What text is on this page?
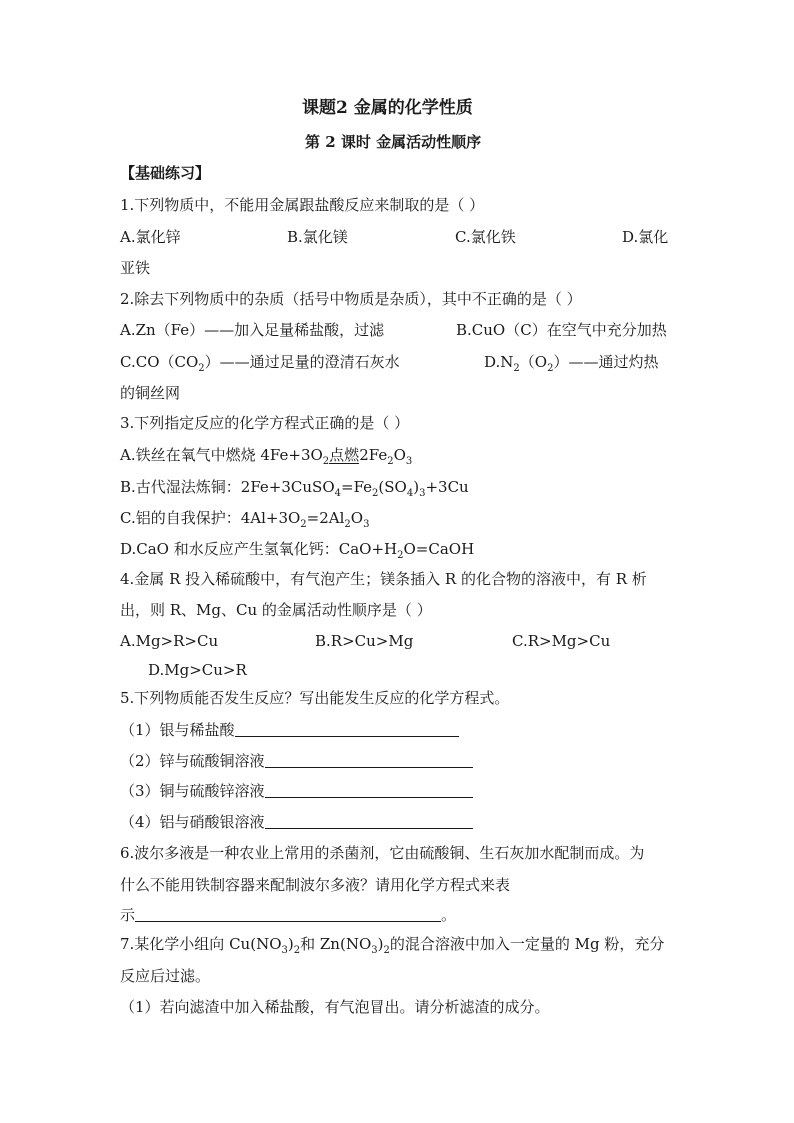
课题2 金属的化学性质
第 2 课时 金属活动性顺序
【基础练习】
1.下列物质中，不能用金属跟盐酸反应来制取的是（ ）
A.氯化锌	B.氯化镁	C.氯化铁	D.氯化
亚铁
2.除去下列物质中的杂质（括号中物质是杂质），其中不正确的是（ ）
A.Zn（Fe）——加入足量稀盐酸，过滤	B.CuO（C）在空气中充分加热
$C.CO(CO_2)——$通过足量的澄清石灰水	$D.N_2(O_2)——$通过灼热
的铜丝网
3.下列指定反应的化学方程式正确的是（ ）
A.铁丝在氧气中燃烧 $4Fe+3O_2$点燃$2Fe_2O_3$
B.古代湿法炼铜：$2Fe+3CuSO_4=Fe_2(SO_4)_3+3Cu$
C.铝的自我保护：$4Al+3O_2=2Al_2O_3$
D.CaO 和水反应产生氢氧化钙：$CaO+H_2O=CaOH$
4.金属 R 投入稀硫酸中，有气泡产生；镁条插入 R 的化合物的溶液中，有 R 析
出，则 R、Mg、Cu 的金属活动性顺序是（ ）
A.Mg>R>Cu	B.R>Cu>Mg	C.R>Mg>Cu
D.Mg>Cu>R
5.下列物质能否发生反应？写出能发生反应的化学方程式。
（1）银与稀盐酸
（2）锌与硫酸铜溶液
（3）铜与硫酸锌溶液
（4）铝与硝酸银溶液
6.波尔多液是一种农业上常用的杀菌剂，它由硫酸铜、生石灰加水配制而成。为
什么不能用铁制容器来配制波尔多液？请用化学方程式来表
示	。
7.某化学小组向 $Cu(NO_3)_2$和 $Zn(NO_3)_2$的混合溶液中加入一定量的 Mg 粉，充分
反应后过滤。
（1）若向滤渣中加入稀盐酸，有气泡冒出。请分析滤渣的成分。
